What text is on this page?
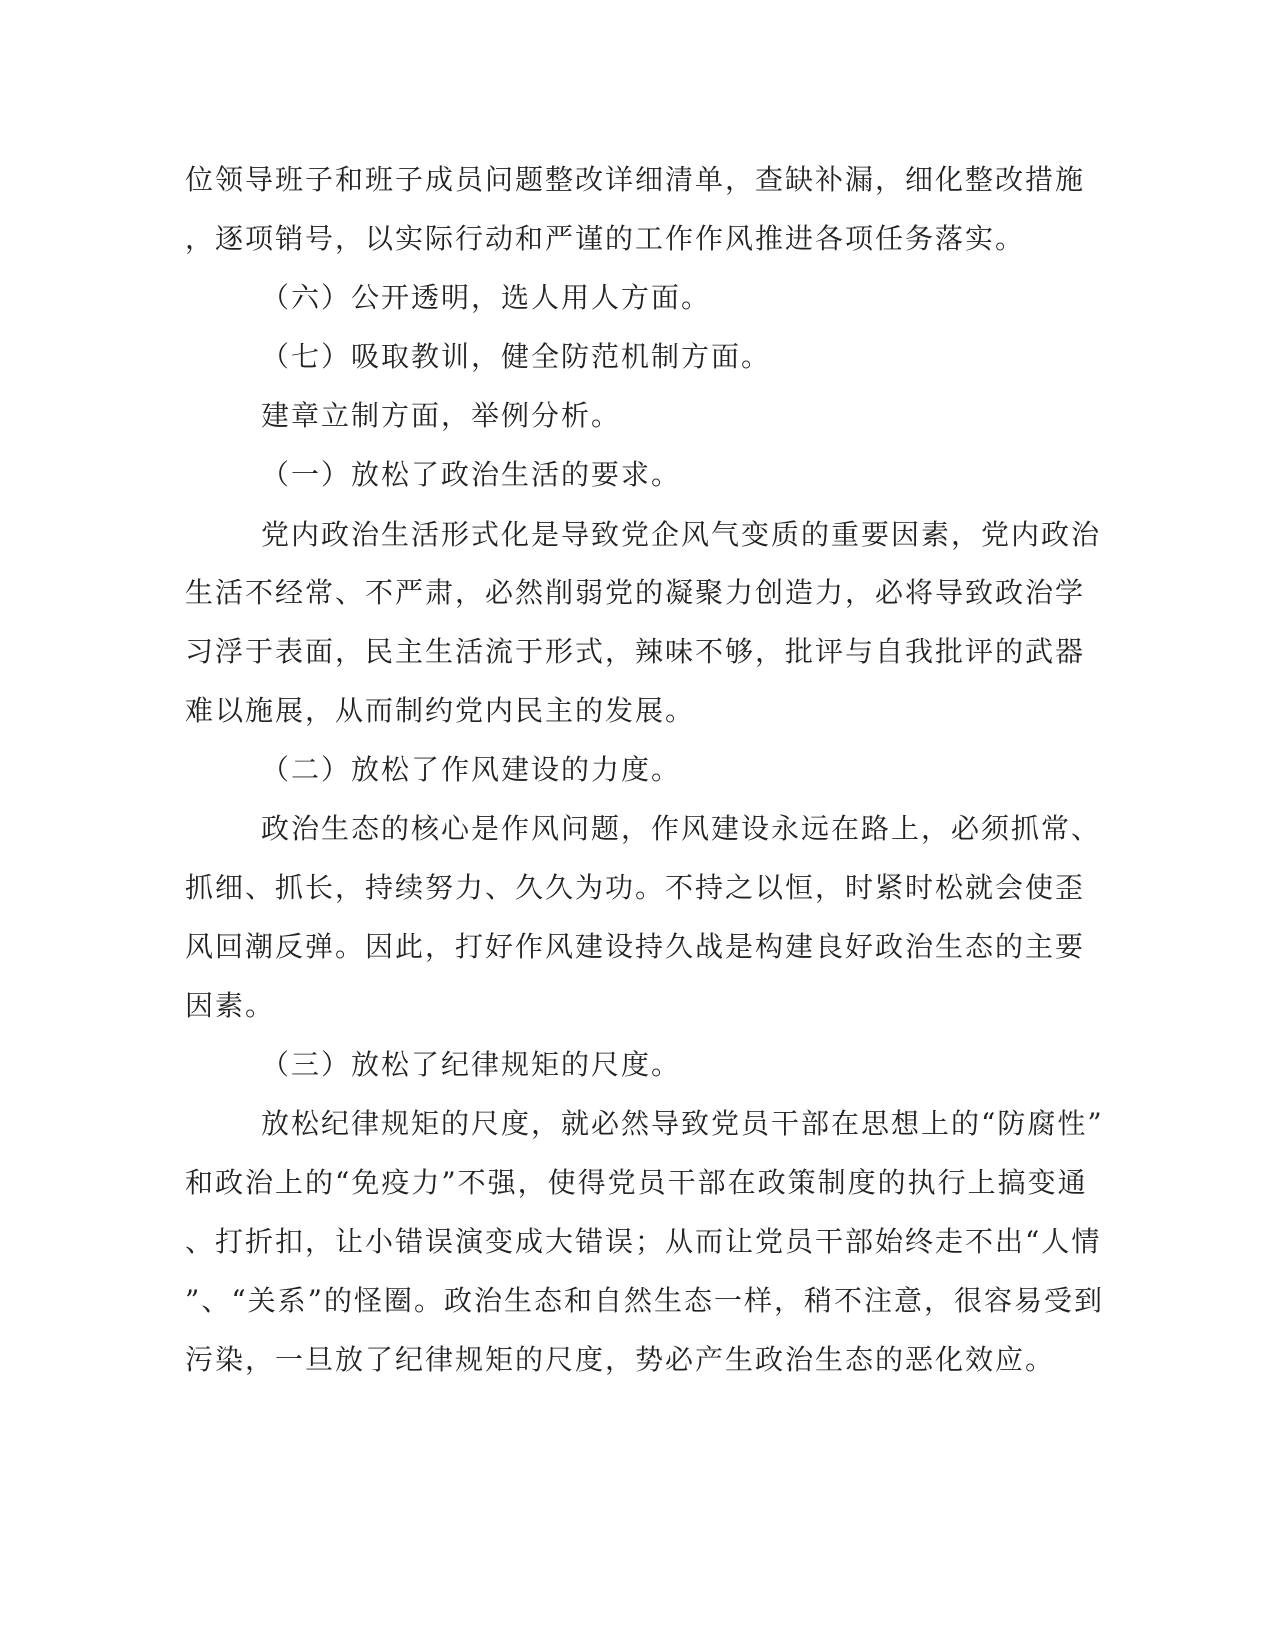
位领导班子和班子成员问题整改详细清单，查缺补漏，细化整改措施
，逐项销号，以实际行动和严谨的工作作风推进各项任务落实。
（六）公开透明，选人用人方面。
（七）吸取教训，健全防范机制方面。
建章立制方面，举例分析。
（一）放松了政治生活的要求。
党内政治生活形式化是导致党企风气变质的重要因素，党内政治
生活不经常、不严肃，必然削弱党的凝聚力创造力，必将导致政治学
习浮于表面，民主生活流于形式，辣味不够，批评与自我批评的武器
难以施展，从而制约党内民主的发展。
（二）放松了作风建设的力度。
政治生态的核心是作风问题，作风建设永远在路上，必须抓常、
抓细、抓长，持续努力、久久为功。不持之以恒，时紧时松就会使歪
风回潮反弹。因此，打好作风建设持久战是构建良好政治生态的主要
因素。
（三）放松了纪律规矩的尺度。
放松纪律规矩的尺度，就必然导致党员干部在思想上的“防腐性”
和政治上的“免疫力”不强，使得党员干部在政策制度的执行上搞变通
、打折扣，让小错误演变成大错误；从而让党员干部始终走不出“人情
”、“关系”的怪圈。政治生态和自然生态一样，稍不注意，很容易受到
污染，一旦放了纪律规矩的尺度，势必产生政治生态的恶化效应。
